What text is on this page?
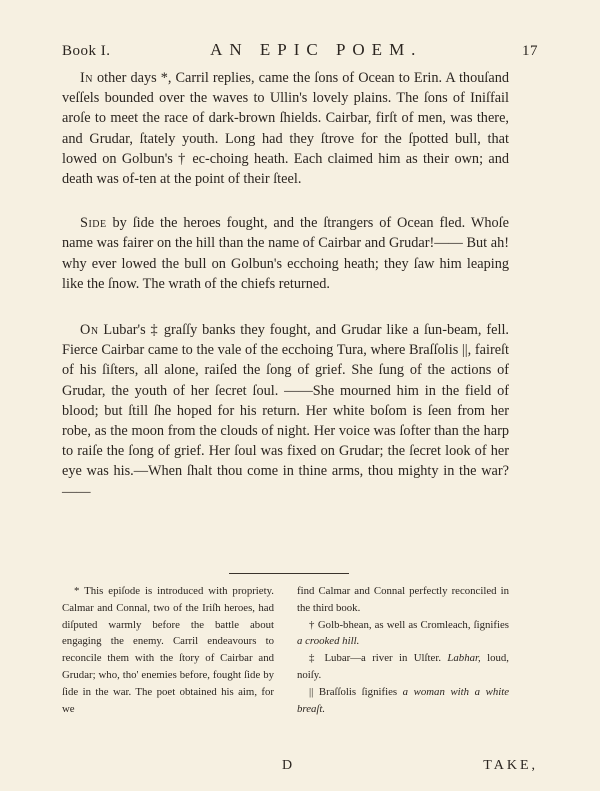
Book I.	AN EPIC POEM.	17

In other days *, Carril replies, came the ſons of Ocean to Erin. A thouſand veſſels bounded over the waves to Ullin's lovely plains. The ſons of Iniſfail aroſe to meet the race of dark-brown ſhields. Cairbar, firſt of men, was there, and Grudar, ſtately youth. Long had they ſtrove for the ſpotted bull, that lowed on Golbun's † ec-choing heath. Each claimed him as their own; and death was of-ten at the point of their ſteel.

Side by ſide the heroes fought, and the ſtrangers of Ocean fled. Whoſe name was fairer on the hill than the name of Cairbar and Grudar!—— But ah! why ever lowed the bull on Golbun's ecchoing heath; they ſaw him leaping like the ſnow. The wrath of the chiefs returned.

On Lubar's ‡ graſſy banks they fought, and Grudar like a ſun-beam, fell. Fierce Cairbar came to the vale of the ecchoing Tura, where Braſſolis ||, faireſt of his ſiſters, all alone, raiſed the ſong of grief. She ſung of the actions of Grudar, the youth of her ſecret ſoul. ——She mourned him in the field of blood; but ſtill ſhe hoped for his return. Her white boſom is ſeen from her robe, as the moon from the clouds of night. Her voice was ſofter than the harp to raiſe the ſong of grief. Her ſoul was fixed on Grudar; the ſecret look of her eye was his.—When ſhalt thou come in thine arms, thou mighty in the war?——

* This epiſode is introduced with propriety. Calmar and Connal, two of the Iriſh heroes, had diſputed warmly before the battle about engaging the enemy. Carril endeavours to reconcile them with the ſtory of Cairbar and Grudar; who, tho' enemies before, fought ſide by ſide in the war. The poet obtained his aim, for we

find Calmar and Connal perfectly reconciled in the third book.

† Golb-bhean, as well as Cromleach, ſignifies a crooked hill.

‡ Lubar—a river in Ulſter. Labhar, loud, noiſy.

|| Braſſolis ſignifies a woman with a white breaſt.

D	TAKE,
